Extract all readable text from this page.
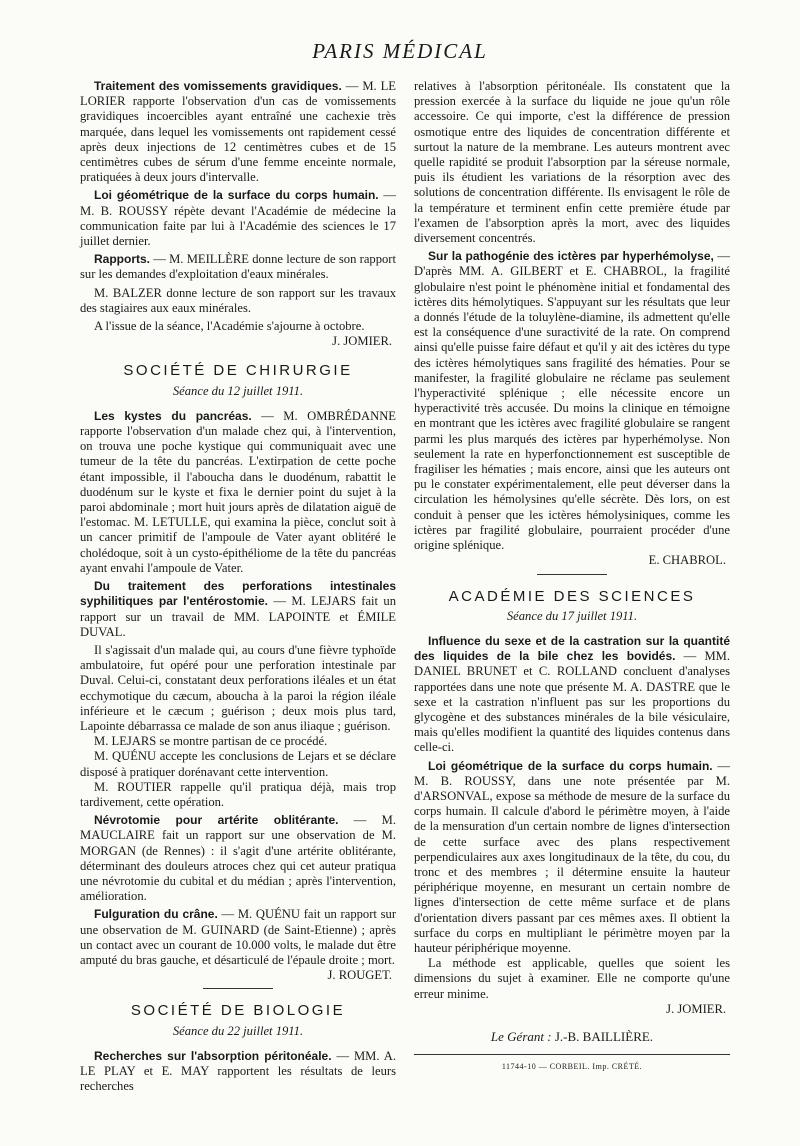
PARIS MÉDICAL

Traitement des vomissements gravidiques. — M. LE LORIER rapporte l'observation d'un cas de vomissements gravidiques incoercibles ayant entraîné une cachexie très marquée, dans lequel les vomissements ont rapidement cessé après deux injections de 12 centimètres cubes et de 15 centimètres cubes de sérum d'une femme enceinte normale, pratiquées à deux jours d'intervalle.

Loi géométrique de la surface du corps humain. — M. B. ROUSSY répète devant l'Académie de médecine la communication faite par lui à l'Académie des sciences le 17 juillet dernier.

Rapports. — M. MEILLÈRE donne lecture de son rapport sur les demandes d'exploitation d'eaux minérales.

M. BALZER donne lecture de son rapport sur les travaux des stagiaires aux eaux minérales.

A l'issue de la séance, l'Académie s'ajourne à octobre.

J. JOMIER.

SOCIÉTÉ DE CHIRURGIE
Séance du 12 juillet 1911.

Les kystes du pancréas. — M. OMBRÉDANNE rapporte l'observation d'un malade chez qui, à l'intervention, on trouva une poche kystique qui communiquait avec une tumeur de la tête du pancréas. L'extirpation de cette poche étant impossible, il l'aboucha dans le duodénum, rabattit le duodénum sur le kyste et fixa le dernier point du sujet à la paroi abdominale ; mort huit jours après de dilatation aiguë de l'estomac. M. LETULLE, qui examina la pièce, conclut soit à un cancer primitif de l'ampoule de Vater ayant oblitéré le cholédoque, soit à un cysto-épithéliome de la tête du pancréas ayant envahi l'ampoule de Vater.

Du traitement des perforations intestinales syphilitiques par l'entérostomie. — M. LEJARS fait un rapport sur un travail de MM. LAPOINTE et ÉMILE DUVAL.

Il s'agissait d'un malade qui, au cours d'une fièvre typhoïde ambulatoire, fut opéré pour une perforation intestinale par Duval. Celui-ci, constatant deux perforations iléales et un état ecchymotique du cæcum, aboucha à la paroi la région iléale inférieure et le cæcum ; guérison ; deux mois plus tard, Lapointe débarrassa ce malade de son anus iliaque ; guérison.

M. LEJARS se montre partisan de ce procédé.

M. QUÉNU accepte les conclusions de Lejars et se déclare disposé à pratiquer dorénavant cette intervention.

M. ROUTIER rappelle qu'il pratiqua déjà, mais trop tardivement, cette opération.

Névrotomie pour artérite oblitérante. — M. MAUCLAIRE fait un rapport sur une observation de M. MORGAN (de Rennes) : il s'agit d'une artérite oblitérante, déterminant des douleurs atroces chez qui cet auteur pratiqua une névrotomie du cubital et du médian ; après l'intervention, amélioration.

Fulguration du crâne. — M. QUÉNU fait un rapport sur une observation de M. GUINARD (de Saint-Etienne) ; après un contact avec un courant de 10.000 volts, le malade dut être amputé du bras gauche, et désarticulé de l'épaule droite ; mort.

J. ROUGET.

SOCIÉTÉ DE BIOLOGIE
Séance du 22 juillet 1911.

Recherches sur l'absorption péritonéale. — MM. A. LE PLAY et E. MAY rapportent les résultats de leurs recherches

relatives à l'absorption péritonéale. Ils constatent que la pression exercée à la surface du liquide ne joue qu'un rôle accessoire. Ce qui importe, c'est la différence de pression osmotique entre des liquides de concentration différente et surtout la nature de la membrane. Les auteurs montrent avec quelle rapidité se produit l'absorption par la séreuse normale, puis ils étudient les variations de la résorption avec des solutions de concentration différente. Ils envisagent le rôle de la température et terminent enfin cette première étude par l'examen de l'absorption après la mort, avec des liquides diversement concentrés.

Sur la pathogénie des ictères par hyperhémolyse, — D'après MM. A. GILBERT et E. CHABROL, la fragilité globulaire n'est point le phénomène initial et fondamental des ictères dits hémolytiques. S'appuyant sur les résultats que leur a donnés l'étude de la toluylène-diamine, ils admettent qu'elle est la conséquence d'une suractivité de la rate. On comprend ainsi qu'elle puisse faire défaut et qu'il y ait des ictères du type des ictères hémolytiques sans fragilité des hématies. Pour se manifester, la fragilité globulaire ne réclame pas seulement l'hyperactivité splénique ; elle nécessite encore un hyperactivité très accusée. Du moins la clinique en témoigne en montrant que les ictères avec fragilité globulaire se rangent parmi les plus marqués des ictères par hyperhémolyse. Non seulement la rate en hyperfonctionnement est susceptible de fragiliser les hématies ; mais encore, ainsi que les auteurs ont pu le constater expérimentalement, elle peut déverser dans la circulation les hémolysines qu'elle sécrète. Dès lors, on est conduit à penser que les ictères hémolysiniques, comme les ictères par fragilité globulaire, pourraient procéder d'une origine splénique.

E. CHABROL.

ACADÉMIE DES SCIENCES
Séance du 17 juillet 1911.

Influence du sexe et de la castration sur la quantité des liquides de la bile chez les bovidés. — MM. DANIEL BRUNET et C. ROLLAND concluent d'analyses rapportées dans une note que présente M. A. DASTRE que le sexe et la castration n'influent pas sur les proportions du glycogène et des substances minérales de la bile vésiculaire, mais qu'elles modifient la quantité des liquides contenus dans celle-ci.

Loi géométrique de la surface du corps humain. — M. B. ROUSSY, dans une note présentée par M. d'ARSONVAL, expose sa méthode de mesure de la surface du corps humain. Il calcule d'abord le périmètre moyen, à l'aide de la mensuration d'un certain nombre de lignes d'intersection de cette surface avec des plans respectivement perpendiculaires aux axes longitudinaux de la tête, du cou, du tronc et des membres ; il détermine ensuite la hauteur périphérique moyenne, en mesurant un certain nombre de lignes d'intersection de cette même surface et de plans d'orientation divers passant par ces mêmes axes. Il obtient la surface du corps en multipliant le périmètre moyen par la hauteur périphérique moyenne.

La méthode est applicable, quelles que soient les dimensions du sujet à examiner. Elle ne comporte qu'une erreur minime.

J. JOMIER.

Le Gérant : J.-B. BAILLIÈRE.
11744-10 — CORBEIL. Imp. CRÉTÉ.
